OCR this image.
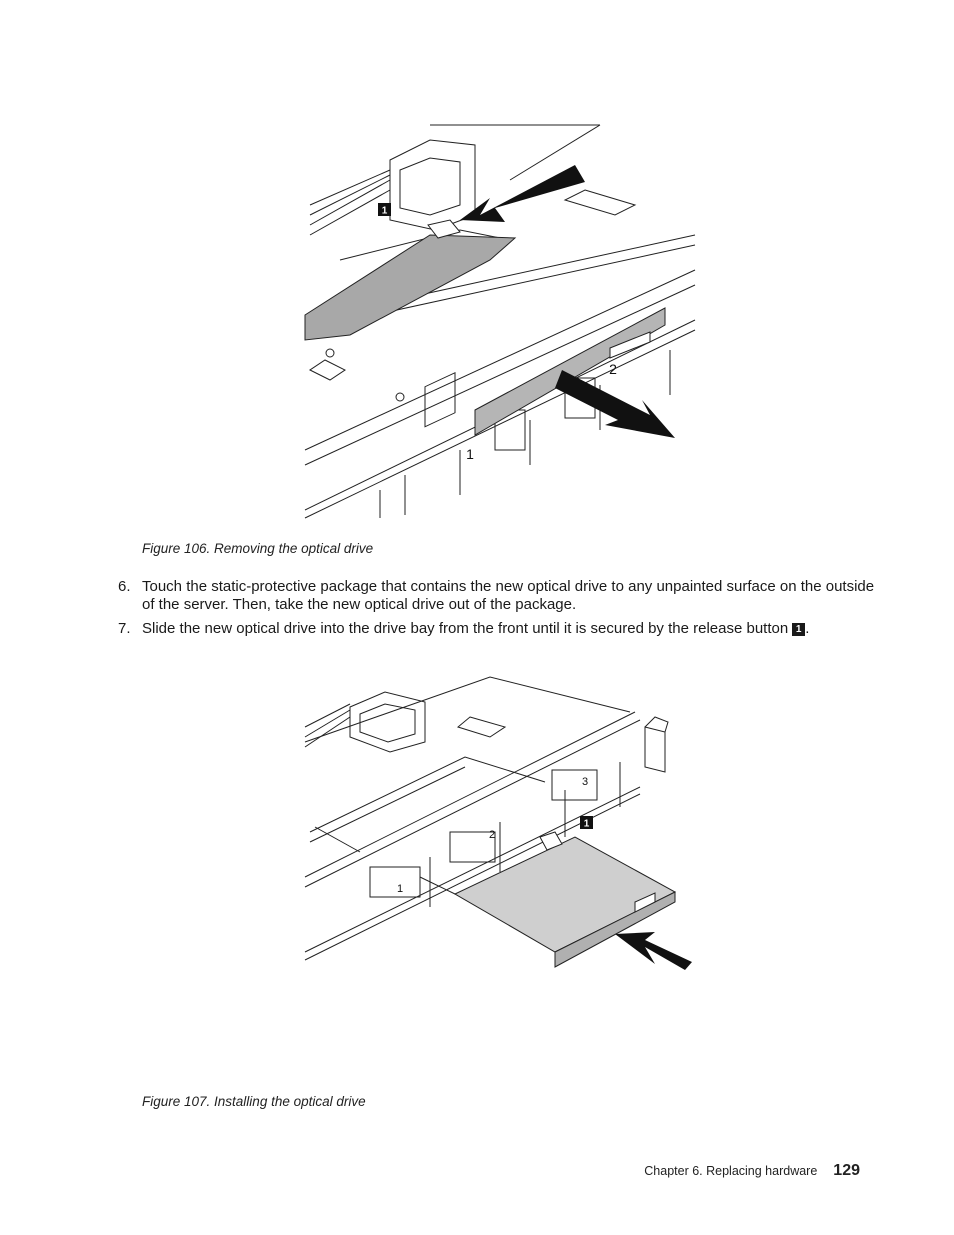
1
2
1
Figure 106. Removing the optical drive
6. Touch the static-protective package that contains the new optical drive to any unpainted surface on the outside of the server. Then, take the new optical drive out of the package.
7. Slide the new optical drive into the drive bay from the front until it is secured by the release button 1 .
1
1
2
3
Figure 107. Installing the optical drive
Chapter 6. Replacing hardware 129
